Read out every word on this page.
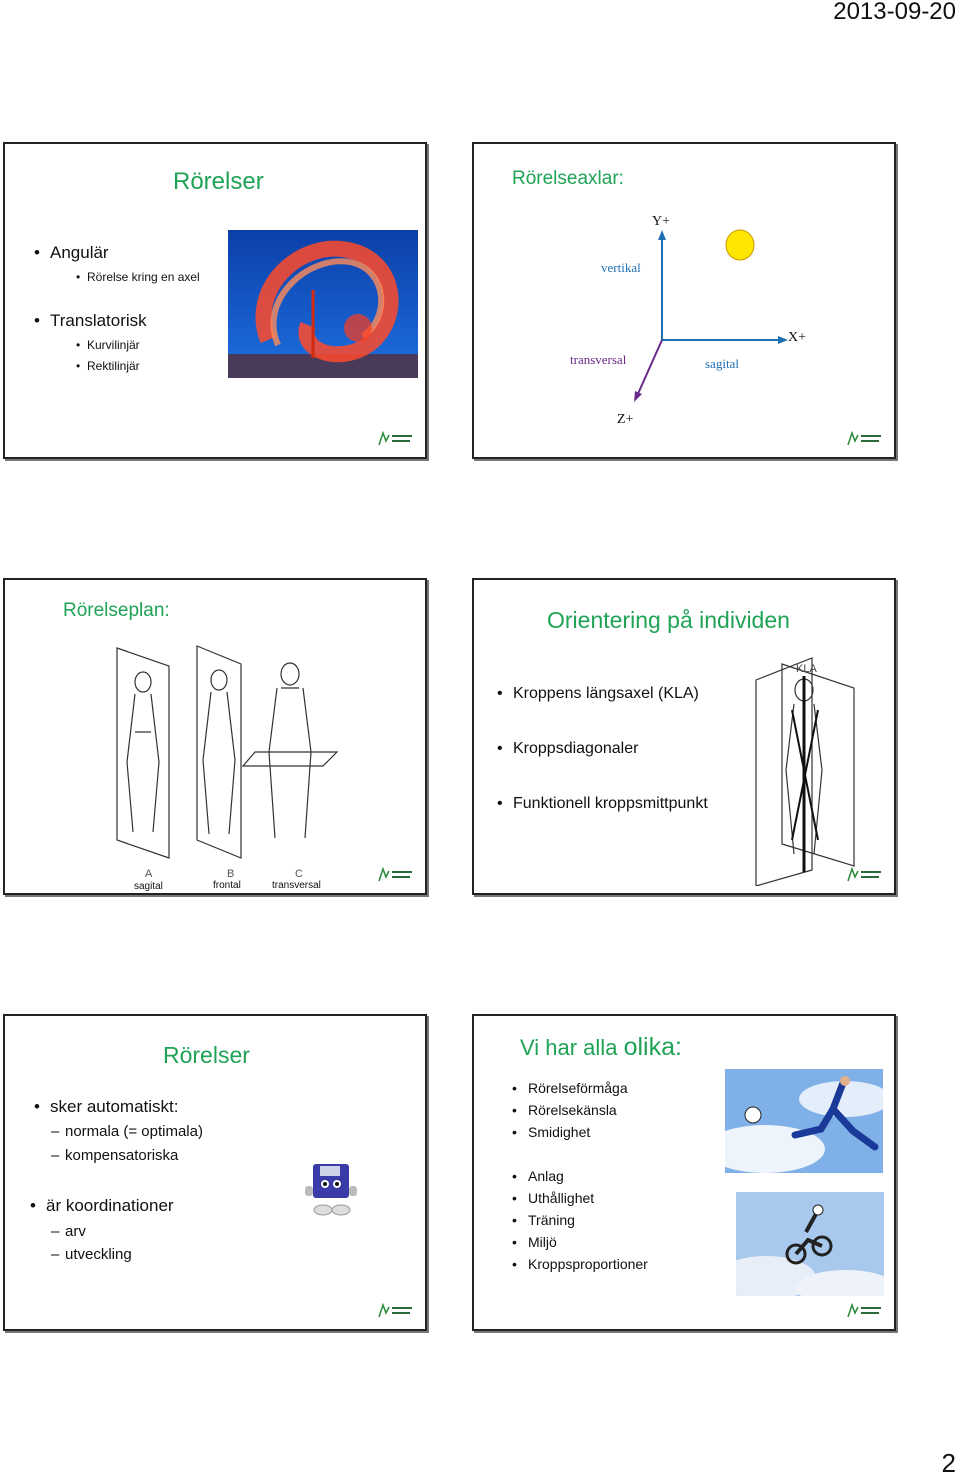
2013-09-20
Rörelser
• Angulär
• Rörelse kring en axel
• Translatorisk
• Kurvilinjär
• Rektilinjär
Rörelseaxlar:
Y+
X+
Z+
vertikal
transversal	sagital
Rörelseplan:
A	B	C
sagital	frontal	transversal
Orientering på individen
• Kroppens längsaxel (KLA)
• Kroppsdiagonaler
• Funktionell kroppsmittpunkt
KLA
Rörelser
• sker automatiskt:
– normala (= optimala)
– kompensatoriska
• är koordinationer
– arv
– utveckling
Vi har alla olika:
• Rörelseförmåga
• Rörelsekänsla
• Smidighet
• Anlag
• Uthållighet
• Träning
• Miljö
• Kroppsproportioner
2
